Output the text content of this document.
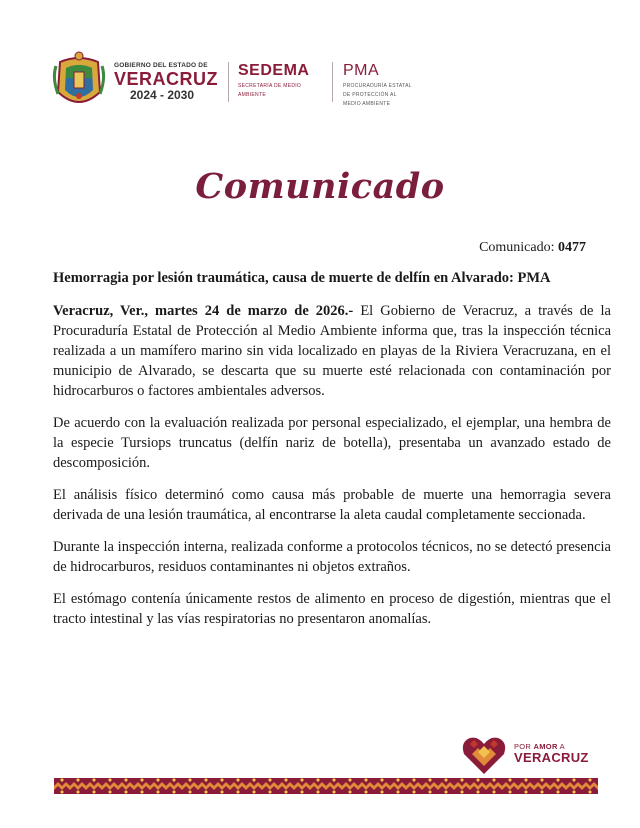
GOBIERNO DEL ESTADO DE
VERACRUZ
2024 - 2030
SEDEMA
SECRETARÍA DE MEDIO
AMBIENTE
PMA
PROCURADURÍA ESTATAL
DE PROTECCIÓN AL
MEDIO AMBIENTE
Comunicado
Comunicado: 0477

Hemorragia por lesión traumática, causa de muerte de delfín en Alvarado: PMA

Veracruz, Ver., martes 24 de marzo de 2026.- El Gobierno de Veracruz, a través de la Procuraduría Estatal de Protección al Medio Ambiente informa que, tras la inspección técnica realizada a un mamífero marino sin vida localizado en playas de la Riviera Veracruzana, en el municipio de Alvarado, se descarta que su muerte esté relacionada con contaminación por hidrocarburos o factores ambientales adversos.

De acuerdo con la evaluación realizada por personal especializado, el ejemplar, una hembra de la especie Tursiops truncatus (delfín nariz de botella), presentaba un avanzado estado de descomposición.

El análisis físico determinó como causa más probable de muerte una hemorragia severa derivada de una lesión traumática, al encontrarse la aleta caudal completamente seccionada.

Durante la inspección interna, realizada conforme a protocolos técnicos, no se detectó presencia de hidrocarburos, residuos contaminantes ni objetos extraños.

El estómago contenía únicamente restos de alimento en proceso de digestión, mientras que el tracto intestinal y las vías respiratorias no presentaron anomalías.

POR AMOR A
VERACRUZ
